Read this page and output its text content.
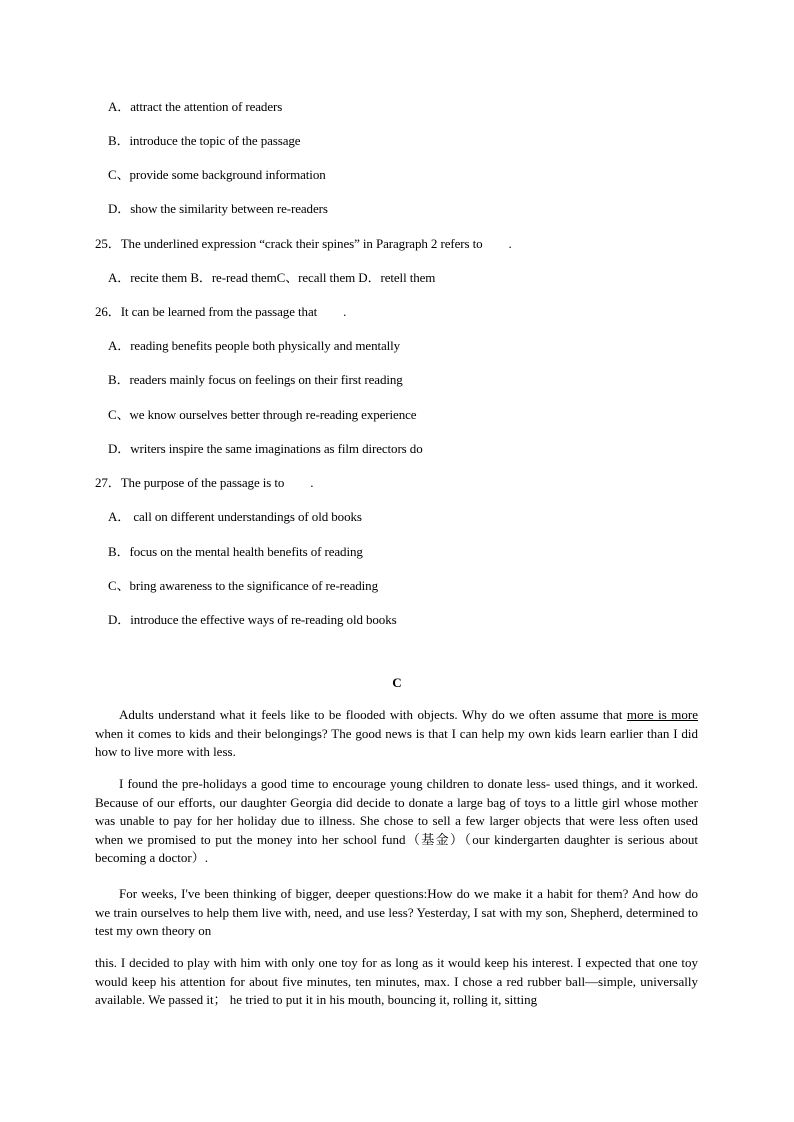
A．attract the attention of readers
B．introduce the topic of the passage
C、provide some background information
D．show the similarity between re-readers
25．The underlined expression “crack their spines” in Paragraph 2 refers to .
A．recite them B．re-read themC、recall them D．retell them
26．It can be learned from the passage that .
A．reading benefits people both physically and mentally
B．readers mainly focus on feelings on their first reading
C、we know ourselves better through re-reading experience
D．writers inspire the same imaginations as film directors do
27．The purpose of the passage is to .
A． call on different understandings of old books
B．focus on the mental health benefits of reading
C、bring awareness to the significance of re-reading
D．introduce the effective ways of re-reading old books
C
Adults understand what it feels like to be flooded with objects. Why do we often assume that more is more when it comes to kids and their belongings? The good news is that I can help my own kids learn earlier than I did how to live more with less.
I found the pre-holidays a good time to encourage young children to donate less- used things, and it worked. Because of our efforts, our daughter Georgia did decide to donate a large bag of toys to a little girl whose mother was unable to pay for her holiday due to illness. She chose to sell a few larger objects that were less often used when we promised to put the money into her school fund（基金）（our kindergarten daughter is serious about becoming a doctor）.
For weeks, I've been thinking of bigger, deeper questions:How do we make it a habit for them? And how do we train ourselves to help them live with, need, and use less? Yesterday, I sat with my son, Shepherd, determined to test my own theory on
this. I decided to play with him with only one toy for as long as it would keep his interest. I expected that one toy would keep his attention for about five minutes, ten minutes, max. I chose a red rubber ball—simple, universally available. We passed it； he tried to put it in his mouth, bouncing it, rolling it, sitting
